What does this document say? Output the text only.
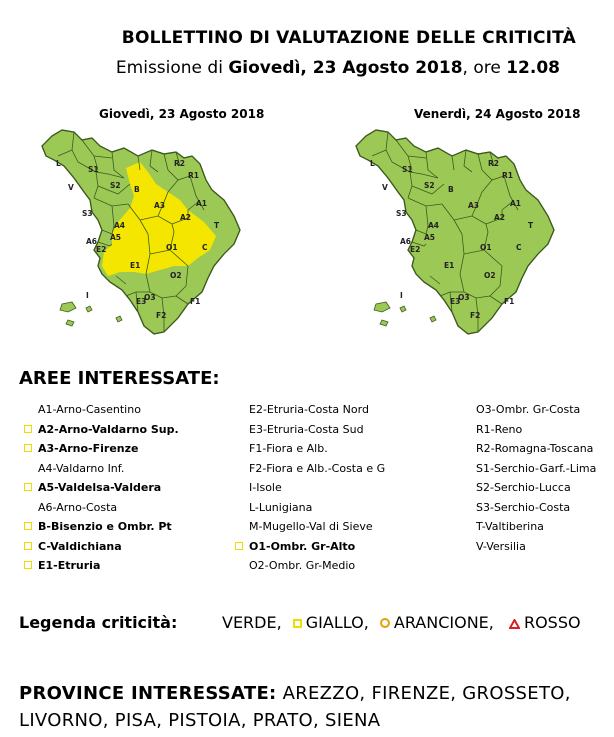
BOLLETTINO DI VALUTAZIONE DELLE CRITICITÀ
Emissione di Giovedì, 23 Agosto 2018, ore 12.08
Giovedì, 23 Agosto 2018	Venerdì, 24 Agosto 2018
L
S1
V	S2
S3
B
R2
R1
A6 A5
A3
A4
A2
A1
T
E2	O1	C
E1
O2
F1
E3
O3
F2
I
L
S1
V	S2
S3
B
R2
R1
A6 A5
A3
A4
A2
A1
T
E2	O1	C
E1
O2
F1
E3
O3
F2
I
AREE INTERESSATE:
A1-Arno-Casentino
A2-Arno-Valdarno Sup.
A3-Arno-Firenze
A4-Valdarno Inf.
A5-Valdelsa-Valdera
A6-Arno-Costa
B-Bisenzio e Ombr. Pt
C-Valdichiana
E1-Etruria
E2-Etruria-Costa Nord
E3-Etruria-Costa Sud
F1-Fiora e Alb.
F2-Fiora e Alb.-Costa e G
I-Isole
L-Lunigiana
M-Mugello-Val di Sieve
O1-Ombr. Gr-Alto
O2-Ombr. Gr-Medio
O3-Ombr. Gr-Costa
R1-Reno
R2-Romagna-Toscana
S1-Serchio-Garf.-Lima
S2-Serchio-Lucca
S3-Serchio-Costa
T-Valtiberina
V-Versilia
Legenda criticità:	VERDE, GIALLO, ARANCIONE, ROSSO
PROVINCE INTERESSATE: AREZZO, FIRENZE, GROSSETO, LIVORNO, PISA, PISTOIA, PRATO, SIENA
